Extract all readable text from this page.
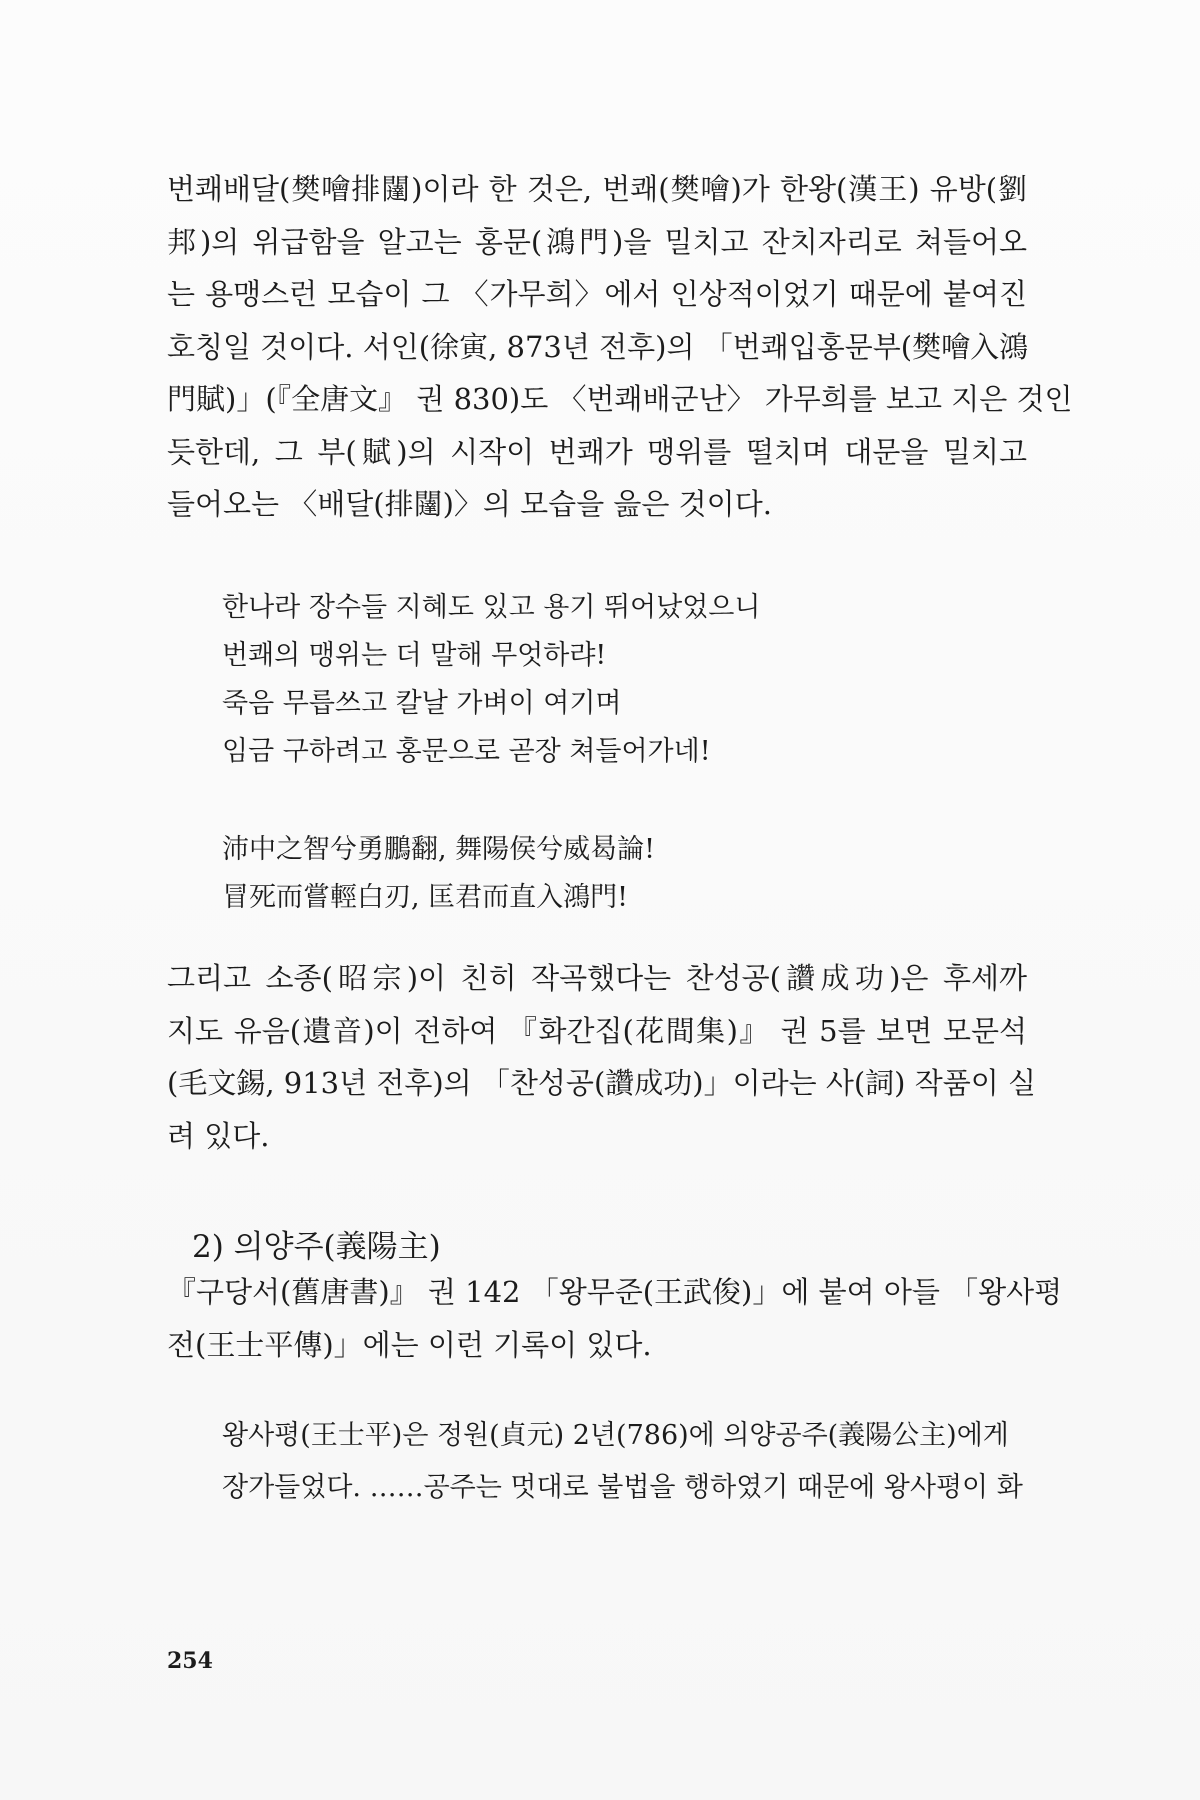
번쾌배달(樊噲排闥)이라 한 것은, 번쾌(樊噲)가 한왕(漢王) 유방(劉
邦)의 위급함을 알고는 홍문(鴻門)을 밀치고 잔치자리로 쳐들어오
는 용맹스런 모습이 그 〈가무희〉에서 인상적이었기 때문에 붙여진
호칭일 것이다. 서인(徐寅, 873년 전후)의 「번쾌입홍문부(樊噲入鴻
門賦)」(『全唐文』 권 830)도 〈번쾌배군난〉 가무희를 보고 지은 것인
듯한데, 그 부(賦)의 시작이 번쾌가 맹위를 떨치며 대문을 밀치고
들어오는 〈배달(排闥)〉의 모습을 읊은 것이다.
한나라 장수들 지혜도 있고 용기 뛰어났었으니
번쾌의 맹위는 더 말해 무엇하랴!
죽음 무릅쓰고 칼날 가벼이 여기며
임금 구하려고 홍문으로 곧장 쳐들어가네!
沛中之智兮勇鵬翻, 舞陽侯兮威曷論!
冒死而嘗輕白刃, 匡君而直入鴻門!
그리고 소종(昭宗)이 친히 작곡했다는 찬성공(讚成功)은 후세까
지도 유음(遺音)이 전하여 『화간집(花間集)』 권 5를 보면 모문석
(毛文錫, 913년 전후)의 「찬성공(讚成功)」이라는 사(詞) 작품이 실
려 있다.
2) 의양주(義陽主)
『구당서(舊唐書)』 권 142 「왕무준(王武俊)」에 붙여 아들 「왕사평
전(王士平傳)」에는 이런 기록이 있다.
왕사평(王士平)은 정원(貞元) 2년(786)에 의양공주(義陽公主)에게
장가들었다. ……공주는 멋대로 불법을 행하였기 때문에 왕사평이 화
254
